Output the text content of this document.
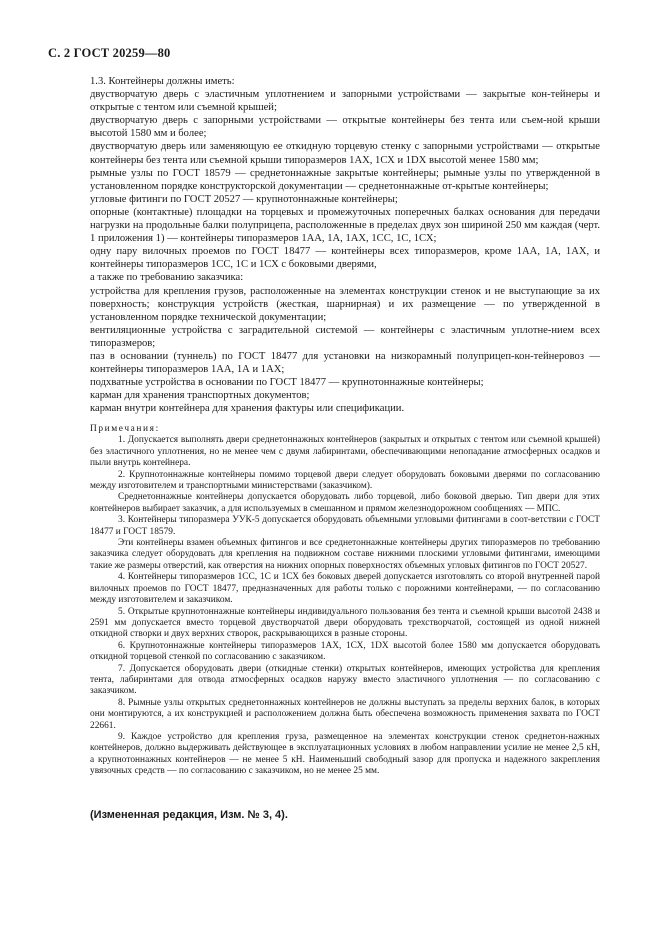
С. 2 ГОСТ 20259—80

1.3. Контейнеры должны иметь:

двустворчатую дверь с эластичным уплотнением и запорными устройствами — закрытые кон-тейнеры и открытые с тентом или съемной крышей;

двустворчатую дверь с запорными устройствами — открытые контейнеры без тента или съем-ной крыши высотой 1580 мм и более;

двустворчатую дверь или заменяющую ее откидную торцевую стенку с запорными устройствами — открытые контейнеры без тента или съемной крыши типоразмеров 1АХ, 1СХ и 1DX высотой менее 1580 мм;

рымные узлы по ГОСТ 18579 — среднетоннажные закрытые контейнеры; рымные узлы по утвержденной в установленном порядке конструкторской документации — среднетоннажные от-крытые контейнеры;

угловые фитинги по ГОСТ 20527 — крупнотоннажные контейнеры;

опорные (контактные) площадки на торцевых и промежуточных поперечных балках основания для передачи нагрузки на продольные балки полуприцепа, расположенные в пределах двух зон шириной 250 мм каждая (черт. 1 приложения 1) — контейнеры типоразмеров 1АА, 1А, 1АХ, 1СС, 1С, 1СХ;

одну пару вилочных проемов по ГОСТ 18477 — контейнеры всех типоразмеров, кроме 1АА, 1А, 1АХ, и контейнеры типоразмеров 1СС, 1С и 1СХ с боковыми дверями,

а также по требованию заказчика:

устройства для крепления грузов, расположенные на элементах конструкции стенок и не выступающие за их поверхность; конструкция устройств (жесткая, шарнирная) и их размещение — по утвержденной в установленном порядке технической документации;

вентиляционные устройства с заградительной системой — контейнеры с эластичным уплотне-нием всех типоразмеров;

паз в основании (туннель) по ГОСТ 18477 для установки на низкорамный полуприцеп-кон-тейнеровоз — контейнеры типоразмеров 1АА, 1А и 1АХ;

подхватные устройства в основании по ГОСТ 18477 — крупнотоннажные контейнеры;

карман для хранения транспортных документов;

карман внутри контейнера для хранения фактуры или спецификации.

Примечания :

1. Допускается выполнять двери среднетоннажных контейнеров (закрытых и открытых с тентом или съемной крышей) без эластичного уплотнения, но не менее чем с двумя лабиринтами, обеспечивающими непопадание атмосферных осадков и пыли внутрь контейнера.

2. Крупнотоннажные контейнеры помимо торцевой двери следует оборудовать боковыми дверями по согласованию между изготовителем и транспортными министерствами (заказчиком).

Среднетоннажные контейнеры допускается оборудовать либо торцевой, либо боковой дверью. Тип двери для этих контейнеров выбирает заказчик, а для используемых в смешанном и прямом железнодорожном сообщениях — МПС.

3. Контейнеры типоразмера УУК-5 допускается оборудовать объемными угловыми фитингами в соот-ветствии с ГОСТ 18477 и ГОСТ 18579.

Эти контейнеры взамен объемных фитингов и все среднетоннажные контейнеры других типоразмеров по требованию заказчика следует оборудовать для крепления на подвижном составе нижними плоскими угловыми фитингами, имеющими такие же размеры отверстий, как отверстия на нижних опорных поверхностях объемных угловых фитингов по ГОСТ 20527.

4. Контейнеры типоразмеров 1СС, 1С и 1СХ без боковых дверей допускается изготовлять со второй внутренней парой вилочных проемов по ГОСТ 18477, предназначенных для работы только с порожними контейнерами, — по согласованию между изготовителем и заказчиком.

5. Открытые крупнотоннажные контейнеры индивидуального пользования без тента и съемной крыши высотой 2438 и 2591 мм допускается вместо торцевой двустворчатой двери оборудовать трехстворчатой, состоящей из одной нижней откидной створки и двух верхних створок, раскрывающихся в разные стороны.

6. Крупнотоннажные контейнеры типоразмеров 1АХ, 1СХ, 1DX высотой более 1580 мм допускается оборудовать откидной торцевой стенкой по согласованию с заказчиком.

7. Допускается оборудовать двери (откидные стенки) открытых контейнеров, имеющих устройства для крепления тента, лабиринтами для отвода атмосферных осадков наружу вместо эластичного уплотнения — по согласованию с заказчиком.

8. Рымные узлы открытых среднетоннажных контейнеров не должны выступать за пределы верхних балок, в которых они монтируются, а их конструкцией и расположением должна быть обеспечена возможность применения захвата по ГОСТ 22661.

9. Каждое устройство для крепления груза, размещенное на элементах конструкции стенок среднетон-нажных контейнеров, должно выдерживать действующее в эксплуатационных условиях в любом направлении усилие не менее 2,5 кН, а крупнотоннажных контейнеров — не менее 5 кН. Наименьший свободный зазор для пропуска и надежного закрепления увязочных средств — по согласованию с заказчиком, но не менее 25 мм.

(Измененная редакция, Изм. № 3, 4).
